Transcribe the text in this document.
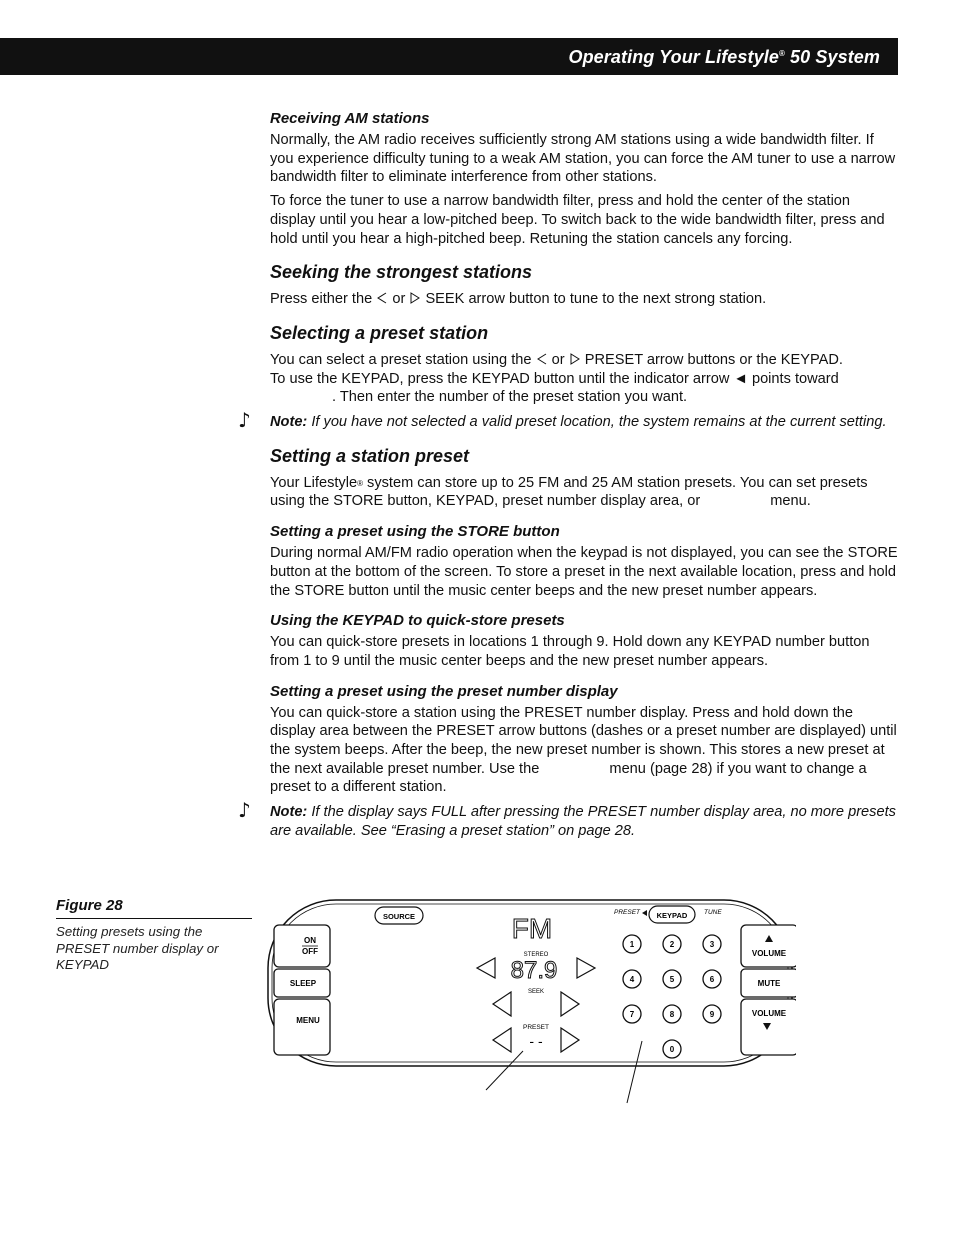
Operating Your Lifestyle® 50 System
Receiving AM stations

Normally, the AM radio receives sufficiently strong AM stations using a wide bandwidth filter. If you experience difficulty tuning to a weak AM station, you can force the AM tuner to use a narrow bandwidth filter to eliminate interference from other stations.

To force the tuner to use a narrow bandwidth filter, press and hold the center of the station display until you hear a low-pitched beep. To switch back to the wide bandwidth filter, press and hold until you hear a high-pitched beep. Retuning the station cancels any forcing.

Seeking the strongest stations

Press either the or SEEK arrow button to tune to the next strong station.

Selecting a preset station

You can select a preset station using the or PRESET arrow buttons or the KEYPAD.
To use the KEYPAD, press the KEYPAD button until the indicator arrow ◄ points toward
. Then enter the number of the preset station you want.

♪ Note: If you have not selected a valid preset location, the system remains at the current setting.

Setting a station preset

Your Lifestyle® system can store up to 25 FM and 25 AM station presets. You can set presets using the STORE button, KEYPAD, preset number display area, or	menu.

Setting a preset using the STORE button

During normal AM/FM radio operation when the keypad is not displayed, you can see the STORE button at the bottom of the screen. To store a preset in the next available location, press and hold the STORE button until the music center beeps and the new preset number appears.

Using the KEYPAD to quick-store presets

You can quick-store presets in locations 1 through 9. Hold down any KEYPAD number button from 1 to 9 until the music center beeps and the new preset number appears.

Setting a preset using the preset number display

You can quick-store a station using the PRESET number display. Press and hold down the display area between the PRESET arrow buttons (dashes or a preset number are displayed) until the system beeps. After the beep, the new preset number is shown. This stores a new preset at the next available preset number. Use the	menu (page 28) if you want to change a preset to a different station.

♪ Note: If the display says FULL after pressing the PRESET number display area, no more presets are available. See “Erasing a preset station” on page 28.

Figure 28
Setting presets using the PRESET number display or KEYPAD
ON
OFF
SLEEP
MENU
SOURCE	FM
STEREO
87.9
SEEK
PRESET
- -
PRESET KEYPAD	TUNE
1	2	3
4	5	6
7	8	9
0
VOLUME
MUTE
VOLUME
